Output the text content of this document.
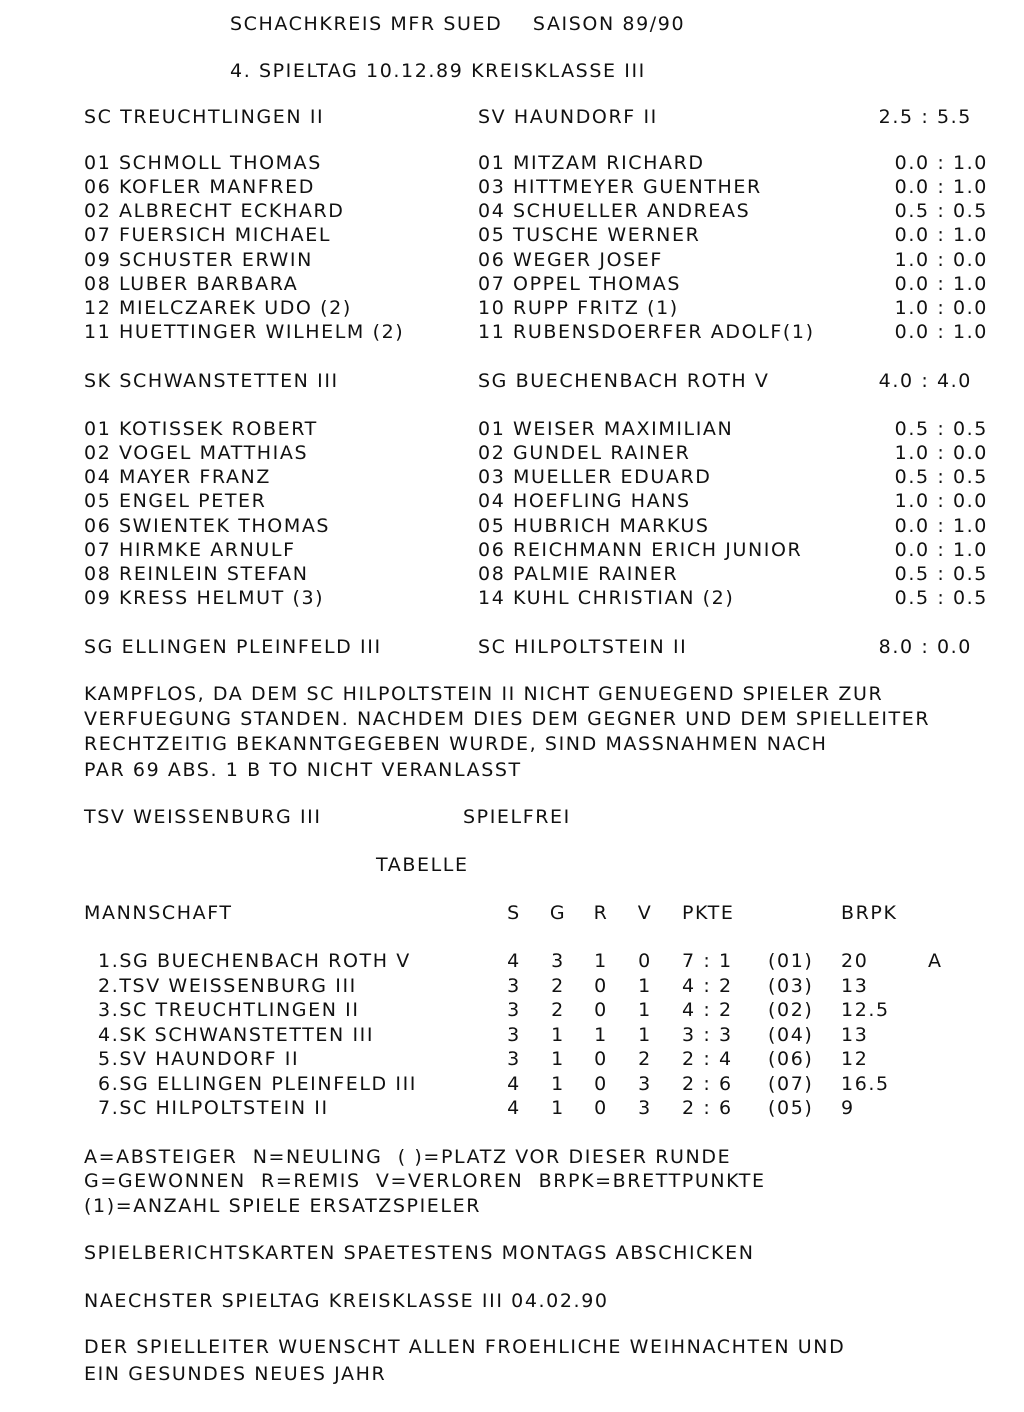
SCHACHKREIS MFR SUED    SAISON 89/90
4. SPIELTAG 10.12.89 KREISKLASSE III
SC TREUCHTLINGEN II	SV HAUNDORF II	2.5 : 5.5
01 SCHMOLL THOMAS	01 MITZAM RICHARD	0.0 : 1.0
06 KOFLER MANFRED	03 HITTMEYER GUENTHER	0.0 : 1.0
02 ALBRECHT ECKHARD	04 SCHUELLER ANDREAS	0.5 : 0.5
07 FUERSICH MICHAEL	05 TUSCHE WERNER	0.0 : 1.0
09 SCHUSTER ERWIN	06 WEGER JOSEF	1.0 : 0.0
08 LUBER BARBARA	07 OPPEL THOMAS	0.0 : 1.0
12 MIELCZAREK UDO (2)	10 RUPP FRITZ (1)	1.0 : 0.0
11 HUETTINGER WILHELM (2)	11 RUBENSDOERFER ADOLF(1)	0.0 : 1.0
SK SCHWANSTETTEN III	SG BUECHENBACH ROTH V	4.0 : 4.0
01 KOTISSEK ROBERT	01 WEISER MAXIMILIAN	0.5 : 0.5
02 VOGEL MATTHIAS	02 GUNDEL RAINER	1.0 : 0.0
04 MAYER FRANZ	03 MUELLER EDUARD	0.5 : 0.5
05 ENGEL PETER	04 HOEFLING HANS	1.0 : 0.0
06 SWIENTEK THOMAS	05 HUBRICH MARKUS	0.0 : 1.0
07 HIRMKE ARNULF	06 REICHMANN ERICH JUNIOR	0.0 : 1.0
08 REINLEIN STEFAN	08 PALMIE RAINER	0.5 : 0.5
09 KRESS HELMUT (3)	14 KUHL CHRISTIAN (2)	0.5 : 0.5
SG ELLINGEN PLEINFELD III	SC HILPOLTSTEIN II	8.0 : 0.0
KAMPFLOS, DA DEM SC HILPOLTSTEIN II NICHT GENUEGEND SPIELER ZUR
VERFUEGUNG STANDEN. NACHDEM DIES DEM GEGNER UND DEM SPIELLEITER
RECHTZEITIG BEKANNTGEGEBEN WURDE, SIND MASSNAHMEN NACH
PAR 69 ABS. 1 B TO NICHT VERANLASST
TSV WEISSENBURG III	SPIELFREI
TABELLE
MANNSCHAFT	S G R V PKTE	BRPK
1.SG BUECHENBACH ROTH V	4 3 1 0 7 : 1 (01) 20	A
2.TSV WEISSENBURG III	3 2 0 1 4 : 2 (03) 13
3.SC TREUCHTLINGEN II	3 2 0 1 4 : 2 (02) 12.5
4.SK SCHWANSTETTEN III	3 1 1 1 3 : 3 (04) 13
5.SV HAUNDORF II	3 1 0 2 2 : 4 (06) 12
6.SG ELLINGEN PLEINFELD III	4 1 0 3 2 : 6 (07) 16.5
7.SC HILPOLTSTEIN II	4 1 0 3 2 : 6 (05) 9
A=ABSTEIGER  N=NEULING  ( )=PLATZ VOR DIESER RUNDE
G=GEWONNEN  R=REMIS  V=VERLOREN  BRPK=BRETTPUNKTE
(1)=ANZAHL SPIELE ERSATZSPIELER
SPIELBERICHTSKARTEN SPAETESTENS MONTAGS ABSCHICKEN
NAECHSTER SPIELTAG KREISKLASSE III 04.02.90
DER SPIELLEITER WUENSCHT ALLEN FROEHLICHE WEIHNACHTEN UND
EIN GESUNDES NEUES JAHR
